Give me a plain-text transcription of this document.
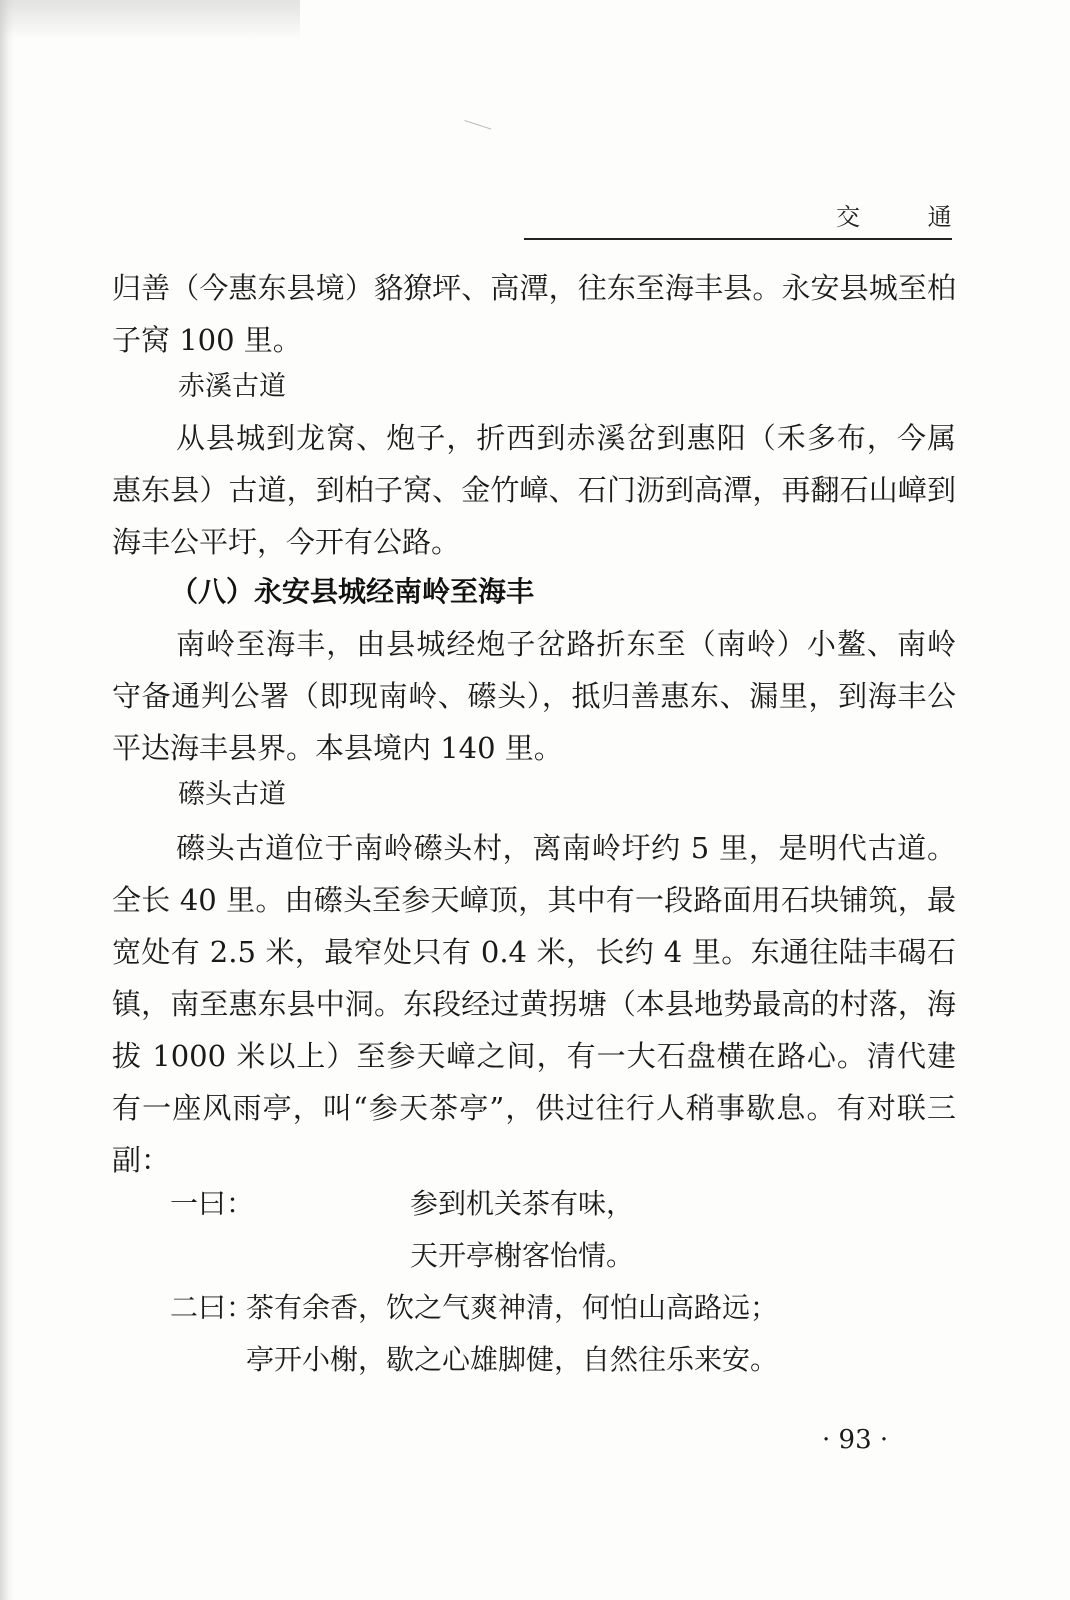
交 通
归善（今惠东县境）貉獠坪、高潭，往东至海丰县。永安县城至柏子窝 100 里。
赤溪古道
从县城到龙窝、炮子，折西到赤溪岔到惠阳（禾多布，今属惠东县）古道，到柏子窝、金竹嶂、石门沥到高潭，再翻石山嶂到海丰公平圩，今开有公路。
（八）永安县城经南岭至海丰
南岭至海丰，由县城经炮子岔路折东至（南岭）小鳌、南岭守备通判公署（即现南岭、礤头），抵归善惠东、漏里，到海丰公平达海丰县界。本县境内 140 里。
礤头古道
礤头古道位于南岭礤头村，离南岭圩约 5 里，是明代古道。全长 40 里。由礤头至参天嶂顶，其中有一段路面用石块铺筑，最宽处有 2.5 米，最窄处只有 0.4 米，长约 4 里。东通往陆丰碣石镇，南至惠东县中洞。东段经过黄拐塘（本县地势最高的村落，海拔 1000 米以上）至参天嶂之间，有一大石盘横在路心。清代建有一座风雨亭，叫“参天茶亭”，供过往行人稍事歇息。有对联三副：
一曰：	参到机关茶有味，
天开亭榭客怡情。
二曰：
茶有余香，饮之气爽神清，何怕山高路远；
亭开小榭，歇之心雄脚健，自然往乐来安。
· 93 ·
